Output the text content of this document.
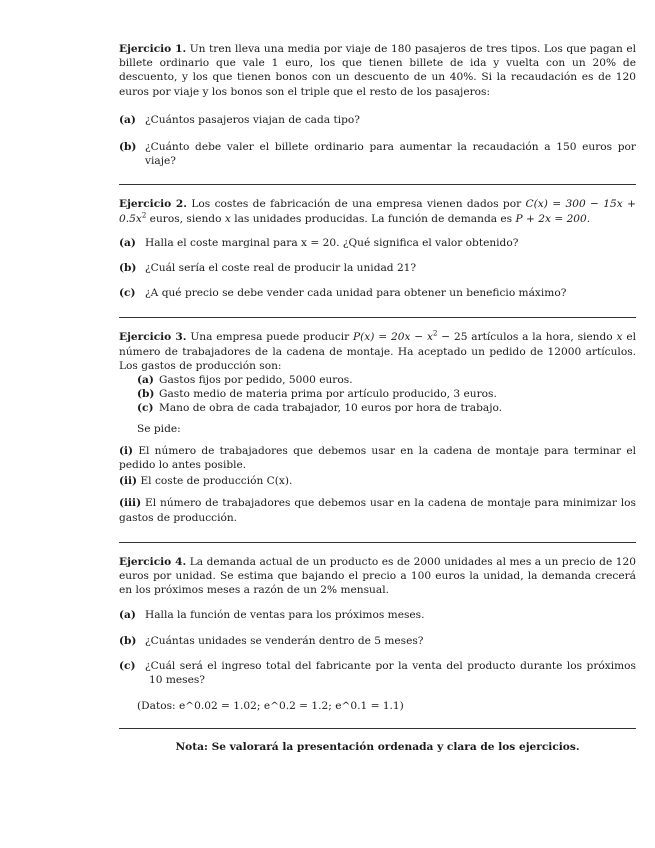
Ejercicio 1. Un tren lleva una media por viaje de 180 pasajeros de tres tipos. Los que pagan el billete ordinario que vale 1 euro, los que tienen billete de ida y vuelta con un 20% de descuento, y los que tienen bonos con un descuento de un 40%. Si la recaudación es de 120 euros por viaje y los bonos son el triple que el resto de los pasajeros:

(a) ¿Cuántos pasajeros viajan de cada tipo?
(b) ¿Cuánto debe valer el billete ordinario para aumentar la recaudación a 150 euros por viaje?

Ejercicio 2. Los costes de fabricación de una empresa vienen dados por $C(x) = 300 - 15x + 0.5x^2$ euros, siendo x las unidades producidas. La función de demanda es P + 2x = 200.

(a) Halla el coste marginal para x = 20. ¿Qué significa el valor obtenido?
(b) ¿Cuál sería el coste real de producir la unidad 21?
(c) ¿A qué precio se debe vender cada unidad para obtener un beneficio máximo?

Ejercicio 3. Una empresa puede producir $P(x) = 20x - x^2 - 25$ artículos a la hora, siendo x el número de trabajadores de la cadena de montaje. Ha aceptado un pedido de 12000 artículos. Los gastos de producción son:

(a) Gastos fijos por pedido, 5000 euros.
(b) Gasto medio de materia prima por artículo producido, 3 euros.
(c) Mano de obra de cada trabajador, 10 euros por hora de trabajo.
Se pide:
(i) El número de trabajadores que debemos usar en la cadena de montaje para terminar el pedido lo antes posible.
(ii) El coste de producción C(x).
(iii) El número de trabajadores que debemos usar en la cadena de montaje para minimizar los gastos de producción.

Ejercicio 4. La demanda actual de un producto es de 2000 unidades al mes a un precio de 120 euros por unidad. Se estima que bajando el precio a 100 euros la unidad, la demanda crecerá en los próximos meses a razón de un 2% mensual.

(a) Halla la función de ventas para los próximos meses.
(b) ¿Cuántas unidades se venderán dentro de 5 meses?
(c) ¿Cuál será el ingreso total del fabricante por la venta del producto durante los próximos 10 meses?
(Datos: e^0.02 = 1.02; e^0.2 = 1.2; e^0.1 = 1.1)
Nota: Se valorará la presentación ordenada y clara de los ejercicios.
